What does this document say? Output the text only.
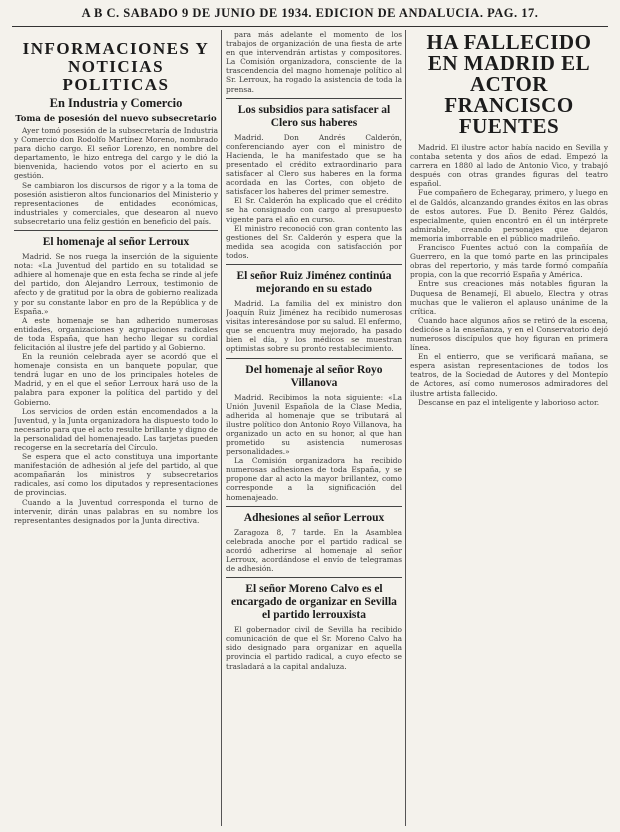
A B C. SABADO 9 DE JUNIO DE 1934. EDICION DE ANDALUCIA. PAG. 17.
INFORMACIONES Y NOTICIAS POLITICAS
En Industria y Comercio
Toma de posesión del nuevo subsecretario

Ayer tomó posesión de la subsecretaría de Industria y Comercio don Rodolfo Martínez Moreno, nombrado para dicho cargo. El señor Lorenzo, en nombre del departamento, le hizo entrega del cargo y le dió la bienvenida, haciendo votos por el acierto en su gestión.

Se cambiaron los discursos de rigor y a la toma de posesión asistieron altos funcionarios del Ministerio y representaciones de entidades económicas, industriales y comerciales, que desearon al nuevo subsecretario una feliz gestión en beneficio del país.

El homenaje al señor Lerroux

Madrid. Se nos ruega la inserción de la siguiente nota: «La Juventud del partido en su totalidad se adhiere al homenaje que en esta fecha se rinde al jefe del partido, don Alejandro Lerroux, testimonio de afecto y de gratitud por la obra de gobierno realizada y por su constante labor en pro de la República y de España.»

A este homenaje se han adherido numerosas entidades, organizaciones y agrupaciones radicales de toda España, que han hecho llegar su cordial felicitación al ilustre jefe del partido y al Gobierno.

En la reunión celebrada ayer se acordó que el homenaje consista en un banquete popular, que tendrá lugar en uno de los principales hoteles de Madrid, y en el que el señor Lerroux hará uso de la palabra para exponer la política del partido y del Gobierno.

Los servicios de orden están encomendados a la Juventud, y la Junta organizadora ha dispuesto todo lo necesario para que el acto resulte brillante y digno de la personalidad del homenajeado. Las tarjetas pueden recogerse en la secretaría del Círculo.

Se espera que el acto constituya una importante manifestación de adhesión al jefe del partido, al que acompañarán los ministros y subsecretarios radicales, así como los diputados y representaciones de provincias.

Cuando a la Juventud corresponda el turno de intervenir, dirán unas palabras en su nombre los representantes designados por la Junta directiva.

para más adelante el momento de los trabajos de organización de una fiesta de arte en que intervendrán artistas y compositores. La Comisión organizadora, consciente de la trascendencia del magno homenaje político al Sr. Lerroux, ha rogado la asistencia de toda la prensa.

Los subsidios para satisfacer al Clero sus haberes

Madrid. Don Andrés Calderón, conferenciando ayer con el ministro de Hacienda, le ha manifestado que se ha presentado el crédito extraordinario para satisfacer al Clero sus haberes en la forma acordada en las Cortes, con objeto de satisfacer los haberes del primer semestre.

El Sr. Calderón ha explicado que el crédito se ha consignado con cargo al presupuesto vigente para el año en curso.

El ministro reconoció con gran contento las gestiones del Sr. Calderón y espera que la medida sea acogida con satisfacción por todos.

El señor Ruiz Jiménez continúa mejorando en su estado

Madrid. La familia del ex ministro don Joaquín Ruiz Jiménez ha recibido numerosas visitas interesándose por su salud. El enfermo, que se encuentra muy mejorado, ha pasado bien el día, y los médicos se muestran optimistas sobre su pronto restablecimiento.

Del homenaje al señor Royo Villanova

Madrid. Recibimos la nota siguiente: «La Unión Juvenil Española de la Clase Media, adherida al homenaje que se tributará al ilustre político don Antonio Royo Villanova, ha organizado un acto en su honor, al que han prometido su asistencia numerosas personalidades.»

La Comisión organizadora ha recibido numerosas adhesiones de toda España, y se propone dar al acto la mayor brillantez, como corresponde a la significación del homenajeado.

Adhesiones al señor Lerroux

Zaragoza 8, 7 tarde. En la Asamblea celebrada anoche por el partido radical se acordó adherirse al homenaje al señor Lerroux, acordándose el envío de telegramas de adhesión.

El señor Moreno Calvo es el encargado de organizar en Sevilla el partido lerrouxista

El gobernador civil de Sevilla ha recibido comunicación de que el Sr. Moreno Calvo ha sido designado para organizar en aquella provincia el partido radical, a cuyo efecto se trasladará a la capital andaluza.

HA FALLECIDO EN MADRID EL ACTOR FRANCISCO FUENTES

Madrid. El ilustre actor había nacido en Sevilla y contaba setenta y dos años de edad. Empezó la carrera en 1880 al lado de Antonio Vico, y trabajó después con otras grandes figuras del teatro español.

Fue compañero de Echegaray, primero, y luego en el de Galdós, alcanzando grandes éxitos en las obras de estos autores. Fue D. Benito Pérez Galdós, especialmente, quien encontró en él un intérprete admirable, creando personajes que dejaron memoria imborrable en el público madrileño.

Francisco Fuentes actuó con la compañía de Guerrero, en la que tomó parte en las principales obras del repertorio, y más tarde formó compañía propia, con la que recorrió España y América.

Entre sus creaciones más notables figuran la Duquesa de Benamejí, El abuelo, Electra y otras muchas que le valieron el aplauso unánime de la crítica.

Cuando hace algunos años se retiró de la escena, dedicóse a la enseñanza, y en el Conservatorio dejó numerosos discípulos que hoy figuran en primera línea.

En el entierro, que se verificará mañana, se espera asistan representaciones de todos los teatros, de la Sociedad de Autores y del Montepío de Actores, así como numerosos admiradores del ilustre artista fallecido.

Descanse en paz el inteligente y laborioso actor.
